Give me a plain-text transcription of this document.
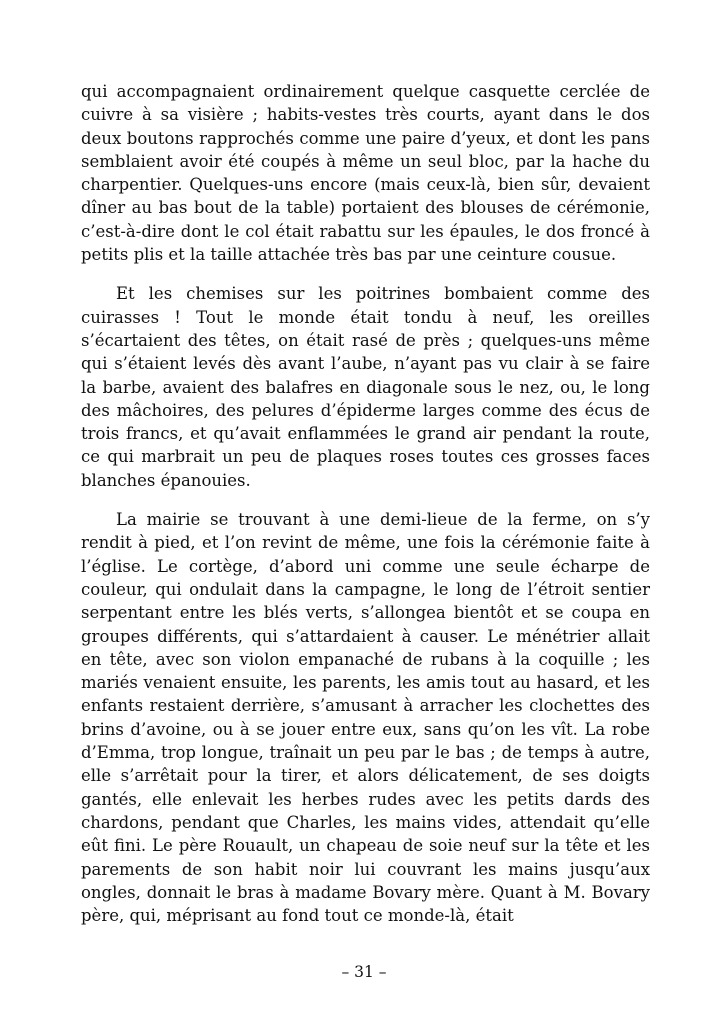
qui accompagnaient ordinairement quelque casquette cerclée de cuivre à sa visière ; habits-vestes très courts, ayant dans le dos deux boutons rapprochés comme une paire d’yeux, et dont les pans semblaient avoir été coupés à même un seul bloc, par la hache du charpentier. Quelques-uns encore (mais ceux-là, bien sûr, devaient dîner au bas bout de la table) portaient des blouses de cérémonie, c’est-à-dire dont le col était rabattu sur les épaules, le dos froncé à petits plis et la taille attachée très bas par une ceinture cousue.

Et les chemises sur les poitrines bombaient comme des cuirasses ! Tout le monde était tondu à neuf, les oreilles s’écartaient des têtes, on était rasé de près ; quelques-uns même qui s’étaient levés dès avant l’aube, n’ayant pas vu clair à se faire la barbe, avaient des balafres en diagonale sous le nez, ou, le long des mâchoires, des pelures d’épiderme larges comme des écus de trois francs, et qu’avait enflammées le grand air pendant la route, ce qui marbrait un peu de plaques roses toutes ces grosses faces blanches épanouies.

La mairie se trouvant à une demi-lieue de la ferme, on s’y rendit à pied, et l’on revint de même, une fois la cérémonie faite à l’église. Le cortège, d’abord uni comme une seule écharpe de couleur, qui ondulait dans la campagne, le long de l’étroit sentier serpentant entre les blés verts, s’allongea bientôt et se coupa en groupes différents, qui s’attardaient à causer. Le ménétrier allait en tête, avec son violon empanaché de rubans à la coquille ; les mariés venaient ensuite, les parents, les amis tout au hasard, et les enfants restaient derrière, s’amusant à arracher les clochettes des brins d’avoine, ou à se jouer entre eux, sans qu’on les vît. La robe d’Emma, trop longue, traînait un peu par le bas ; de temps à autre, elle s’arrêtait pour la tirer, et alors délicatement, de ses doigts gantés, elle enlevait les herbes rudes avec les petits dards des chardons, pendant que Charles, les mains vides, attendait qu’elle eût fini. Le père Rouault, un chapeau de soie neuf sur la tête et les parements de son habit noir lui couvrant les mains jusqu’aux ongles, donnait le bras à madame Bovary mère. Quant à M. Bovary père, qui, méprisant au fond tout ce monde-là, était

– 31 –
